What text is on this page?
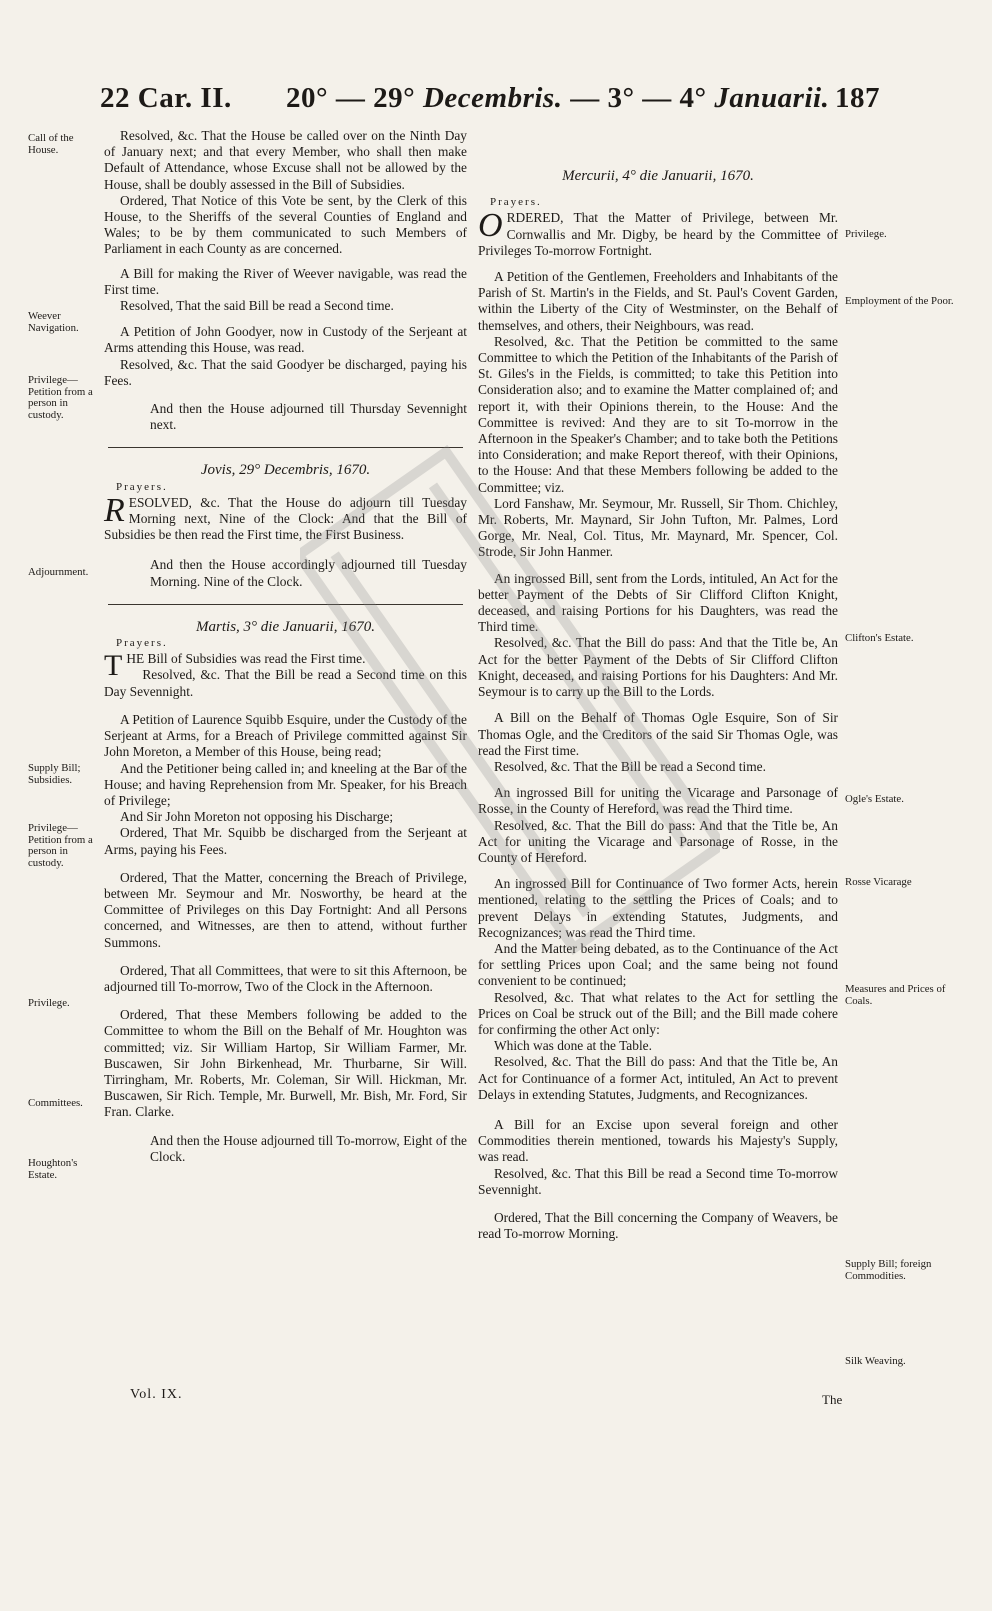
22 Car. II. 20° — 29° Decembris. — 3° — 4° Januarii. 187
Call of the House.
Weever Navigation.
Privilege— Petition from a person in custody.
Adjournment.
Supply Bill; Subsidies.
Privilege— Petition from a person in custody.
Privilege.
Committees.
Houghton's Estate.
Privilege.
Employment of the Poor.
Clifton's Estate.
Ogle's Estate.
Rosse Vicarage
Measures and Prices of Coals.
Supply Bill; foreign Commodities.
Silk Weaving.

Resolved, &c. That the House be called over on the Ninth Day of January next; and that every Member, who shall then make Default of Attendance, whose Excuse shall not be allowed by the House, shall be doubly assessed in the Bill of Subsidies.

Ordered, That Notice of this Vote be sent, by the Clerk of this House, to the Sheriffs of the several Counties of England and Wales; to be by them communicated to such Members of Parliament in each County as are concerned.

A Bill for making the River of Weever navigable, was read the First time.

Resolved, That the said Bill be read a Second time.

A Petition of John Goodyer, now in Custody of the Serjeant at Arms attending this House, was read.

Resolved, &c. That the said Goodyer be discharged, paying his Fees.

And then the House adjourned till Thursday Sevennight next.

Jovis, 29° Decembris, 1670.

Prayers.

RESOLVED, &c. That the House do adjourn till Tuesday Morning next, Nine of the Clock: And that the Bill of Subsidies be then read the First time, the First Business.

And then the House accordingly adjourned till Tuesday Morning. Nine of the Clock.

Martis, 3° die Januarii, 1670.

Prayers.

THE Bill of Subsidies was read the First time.

Resolved, &c. That the Bill be read a Second time on this Day Sevennight.

A Petition of Laurence Squibb Esquire, under the Custody of the Serjeant at Arms, for a Breach of Privilege committed against Sir John Moreton, a Member of this House, being read;

And the Petitioner being called in; and kneeling at the Bar of the House; and having Reprehension from Mr. Speaker, for his Breach of Privilege;

And Sir John Moreton not opposing his Discharge;

Ordered, That Mr. Squibb be discharged from the Serjeant at Arms, paying his Fees.

Ordered, That the Matter, concerning the Breach of Privilege, between Mr. Seymour and Mr. Nosworthy, be heard at the Committee of Privileges on this Day Fortnight: And all Persons concerned, and Witnesses, are then to attend, without further Summons.

Ordered, That all Committees, that were to sit this Afternoon, be adjourned till To-morrow, Two of the Clock in the Afternoon.

Ordered, That these Members following be added to the Committee to whom the Bill on the Behalf of Mr. Houghton was committed; viz. Sir William Hartop, Sir William Farmer, Mr. Buscawen, Sir John Birkenhead, Mr. Thurbarne, Sir Will. Tirringham, Mr. Roberts, Mr. Coleman, Sir Will. Hickman, Mr. Buscawen, Sir Rich. Temple, Mr. Burwell, Mr. Bish, Mr. Ford, Sir Fran. Clarke.

And then the House adjourned till To-morrow, Eight of the Clock.

Mercurii, 4° die Januarii, 1670.

Prayers.

ORDERED, That the Matter of Privilege, between Mr. Cornwallis and Mr. Digby, be heard by the Committee of Privileges To-morrow Fortnight.

A Petition of the Gentlemen, Freeholders and Inhabitants of the Parish of St. Martin's in the Fields, and St. Paul's Covent Garden, within the Liberty of the City of Westminster, on the Behalf of themselves, and others, their Neighbours, was read.

Resolved, &c. That the Petition be committed to the same Committee to which the Petition of the Inhabitants of the Parish of St. Giles's in the Fields, is committed; to take this Petition into Consideration also; and to examine the Matter complained of; and report it, with their Opinions therein, to the House: And the Committee is revived: And they are to sit To-morrow in the Afternoon in the Speaker's Chamber; and to take both the Petitions into Consideration; and make Report thereof, with their Opinions, to the House: And that these Members following be added to the Committee; viz.

Lord Fanshaw, Mr. Seymour, Mr. Russell, Sir Thom. Chichley, Mr. Roberts, Mr. Maynard, Sir John Tufton, Mr. Palmes, Lord Gorge, Mr. Neal, Col. Titus, Mr. Maynard, Mr. Spencer, Col. Strode, Sir John Hanmer.

An ingrossed Bill, sent from the Lords, intituled, An Act for the better Payment of the Debts of Sir Clifford Clifton Knight, deceased, and raising Portions for his Daughters, was read the Third time.

Resolved, &c. That the Bill do pass: And that the Title be, An Act for the better Payment of the Debts of Sir Clifford Clifton Knight, deceased, and raising Portions for his Daughters: And Mr. Seymour is to carry up the Bill to the Lords.

A Bill on the Behalf of Thomas Ogle Esquire, Son of Sir Thomas Ogle, and the Creditors of the said Sir Thomas Ogle, was read the First time.

Resolved, &c. That the Bill be read a Second time.

An ingrossed Bill for uniting the Vicarage and Parsonage of Rosse, in the County of Hereford, was read the Third time.

Resolved, &c. That the Bill do pass: And that the Title be, An Act for uniting the Vicarage and Parsonage of Rosse, in the County of Hereford.

An ingrossed Bill for Continuance of Two former Acts, herein mentioned, relating to the settling the Prices of Coals; and to prevent Delays in extending Statutes, Judgments, and Recognizances; was read the Third time.

And the Matter being debated, as to the Continuance of the Act for settling Prices upon Coal; and the same being not found convenient to be continued;

Resolved, &c. That what relates to the Act for settling the Prices on Coal be struck out of the Bill; and the Bill made cohere for confirming the other Act only:

Which was done at the Table.

Resolved, &c. That the Bill do pass: And that the Title be, An Act for Continuance of a former Act, intituled, An Act to prevent Delays in extending Statutes, Judgments, and Recognizances.

A Bill for an Excise upon several foreign and other Commodities therein mentioned, towards his Majesty's Supply, was read.

Resolved, &c. That this Bill be read a Second time To-morrow Sevennight.

Ordered, That the Bill concerning the Company of Weavers, be read To-morrow Morning.

Vol. IX.	The
